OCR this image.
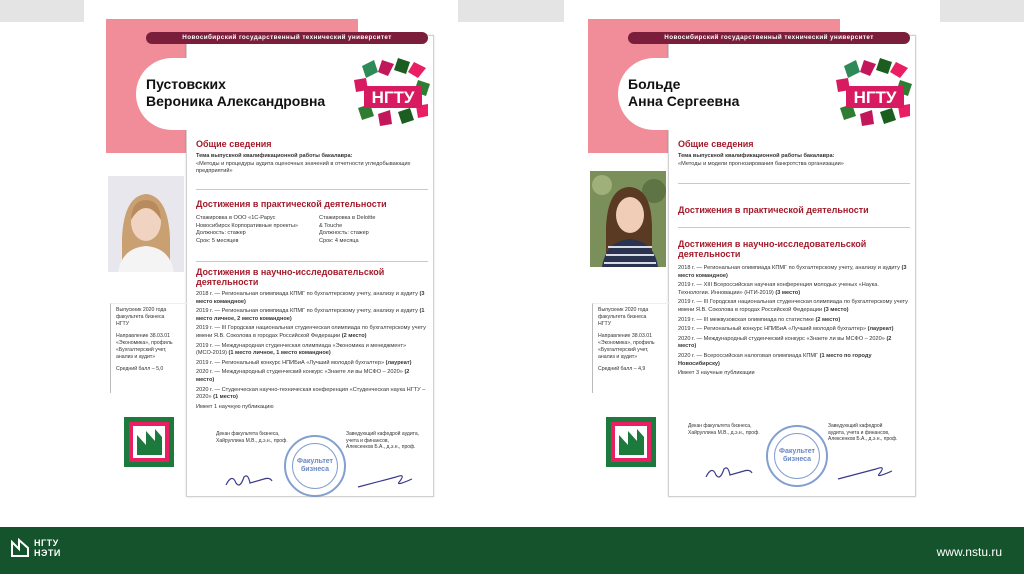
Новосибирский государственный технический университет
Пустовских
Вероника Александровна	НГТУ
Общие сведения
Тема выпускной квалификационной работы бакалавра:
«Методы и процедуры аудита оценочных значений в отчетности угледобывающих предприятий»
Достижения в практической деятельности
Стажировка в ООО «1С-Рарус
Новосибирск Корпоративные проекты»
Должность: стажер
Срок: 5 месяцев
Стажировка в Deloitte
& Touche
Должность: стажер
Срок: 4 месяца
Достижения в научно-исследовательской
деятельности
2018 г. — Региональная олимпиада КПМГ по бухгалтерскому учету, анализу и аудиту (3 место командное)
2019 г. — Региональная олимпиада КПМГ по бухгалтерскому учету, анализу и аудиту (1 место личное, 2 место командное)
2019 г. — III Городская национальная студенческая олимпиада по бухгалтерскому учету имени Я.В. Соколова в городах Российской Федерации (2 место)
2019 г. — Международная студенческая олимпиада «Экономика и менеджмент» (МСО-2019) (1 место личное, 1 место командное)
2019 г. — Региональный конкурс НПИБиА «Лучший молодой бухгалтер» (лауреат)
2020 г. — Международный студенческий конкурс «Знаете ли вы МСФО – 2020» (2 место)
2020 г. — Студенческая научно-техническая конференция «Студенческая наука НГТУ – 2020» (1 место)
Имеет 1 научную публикацию
Выпускник 2020 года
факультета бизнеса
НГТУ
Направление 38.03.01
«Экономика», профиль
«Бухгалтерский учет,
анализ и аудит»
Средний балл – 5,0
Декан факультета бизнеса,
Хайруллина М.В., д.э.н., проф.
Заведующий кафедрой аудита,
учета и финансов,
Алексенков Б.А., д.э.н., проф.
Факультет
бизнеса
Новосибирский государственный технический университет
Больде
Анна Сергеевна	НГТУ
Общие сведения
Тема выпускной квалификационной работы бакалавра:
«Методы и модели прогнозирования банкротства организации»
Достижения в практической деятельности
Достижения в научно-исследовательской
деятельности
2018 г. — Региональная олимпиада КПМГ по бухгалтерскому учету, анализу и аудиту (3 место командное)
2019 г. — XIII Всероссийская научная конференция молодых ученых «Наука. Технологии. Инновации» (НТИ-2019) (3 место)
2019 г. — III Городская национальная студенческая олимпиада по бухгалтерскому учету имени Я.В. Соколова в городах Российской Федерации (3 место)
2019 г. — III межвузовская олимпиада по статистике (2 место)
2019 г. — Региональный конкурс НПИБиА «Лучший молодой бухгалтер» (лауреат)
2020 г. — Международный студенческий конкурс «Знаете ли вы МСФО – 2020» (2 место)
2020 г. — Всероссийская налоговая олимпиада КПМГ (1 место по городу Новосибирску)
Имеет 3 научные публикации
Выпускник 2020 года
факультета бизнеса
НГТУ
Направление 38.03.01
«Экономика», профиль
«Бухгалтерский учет,
анализ и аудит»
Средний балл – 4,9
Декан факультета бизнеса,
Хайруллина М.В., д.э.н., проф.
Заведующий кафедрой
аудита, учета и финансов,
Алексенков Б.А., д.э.н., проф.
Факультет
бизнеса
НГТУ
НЭТИ	www.nstu.ru
